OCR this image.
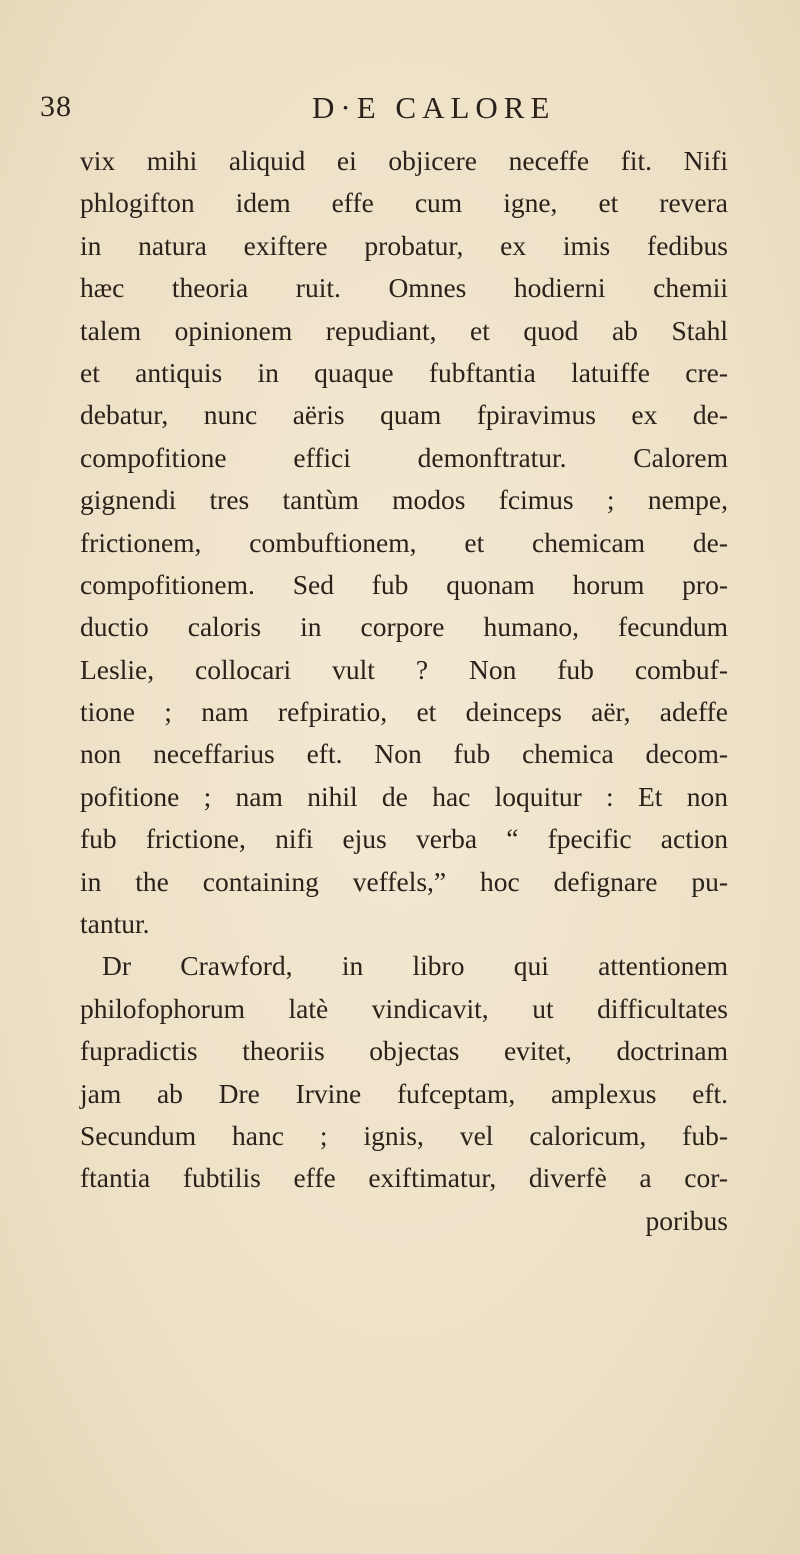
38	D·E CALORE
vix mihi aliquid ei objicere neceffe fit. Nifi
phlogifton idem effe cum igne, et revera
in natura exiftere probatur, ex imis fedibus
hæc theoria ruit. Omnes hodierni chemii
talem opinionem repudiant, et quod ab Stahl
et antiquis in quaque fubftantia latuiffe cre-
debatur, nunc aëris quam fpiravimus ex de-
compofitione effici demonftratur. Calorem
gignendi tres tantùm modos fcimus ; nempe,
frictionem, combuftionem, et chemicam de-
compofitionem. Sed fub quonam horum pro-
ductio caloris in corpore humano, fecundum
Leslie, collocari vult ? Non fub combuf-
tione ; nam refpiratio, et deinceps aër, adeffe
non neceffarius eft. Non fub chemica decom-
pofitione ; nam nihil de hac loquitur : Et non
fub frictione, nifi ejus verba “ fpecific action
in the containing veffels,” hoc defignare pu-
tantur.
Dr Crawford, in libro qui attentionem
philofophorum latè vindicavit, ut difficultates
fupradictis theoriis objectas evitet, doctrinam
jam ab Dre Irvine fufceptam, amplexus eft.
Secundum hanc ; ignis, vel caloricum, fub-
ftantia fubtilis effe exiftimatur, diverfè a cor-
poribus
